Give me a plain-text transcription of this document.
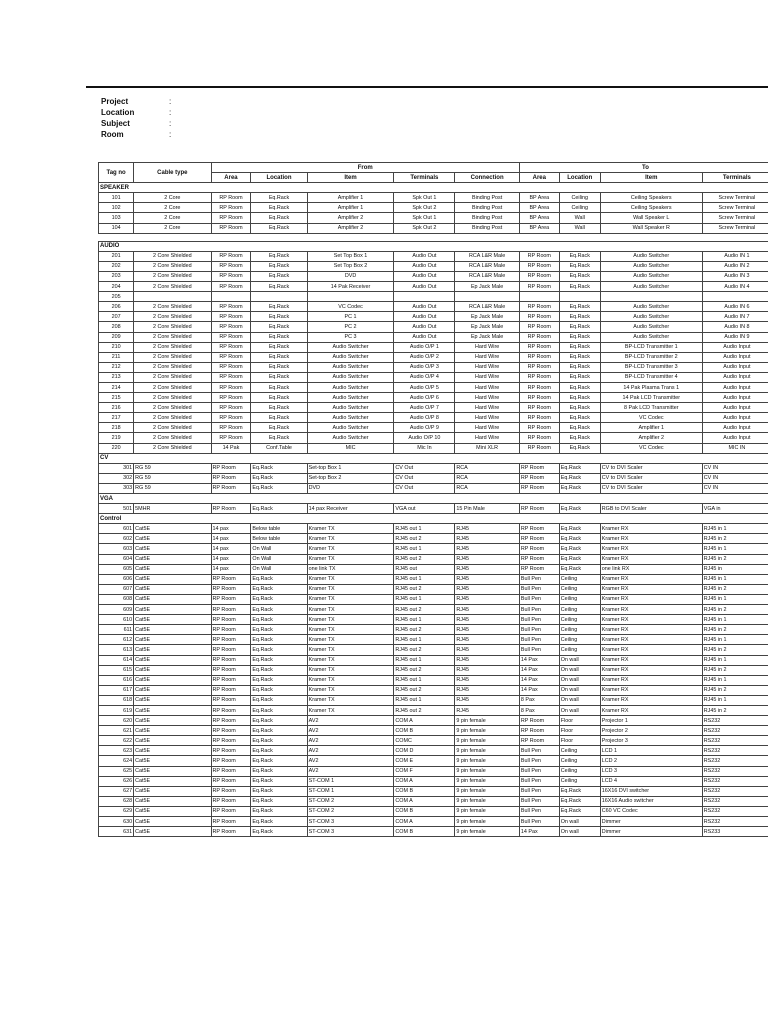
Project	:
Location	:
Subject	:
Room	:
Tag no	Cable type	From					To			
		Area	Location	Item	Terminals	Connection	Area	Location	Item	Terminals
SPEAKER										
101	2 Core	RP Room	Eq.Rack	Amplifier 1	Spk Out 1	Binding Post	BP Area	Ceiling	Ceiling Speakers	Screw Terminal
102	2 Core	RP Room	Eq.Rack	Amplifier 1	Spk Out 2	Binding Post	BP Area	Ceiling	Ceiling Speakers	Screw Terminal
103	2 Core	RP Room	Eq.Rack	Amplifier 2	Spk Out 1	Binding Post	BP Area	Wall	Wall Speaker L	Screw Terminal
104	2 Core	RP Room	Eq.Rack	Amplifier 2	Spk Out 2	Binding Post	BP Area	Wall	Wall Speaker R	Screw Terminal

AUDIO										
201	2 Core Shielded	RP Room	Eq.Rack	Set Top Box 1	Audio Out	RCA L&R Male	RP Room	Eq.Rack	Audio Switcher	Audio IN 1
202	2 Core Shielded	RP Room	Eq.Rack	Set Top Box 2	Audio Out	RCA L&R Male	RP Room	Eq.Rack	Audio Switcher	Audio IN 2
203	2 Core Shielded	RP Room	Eq.Rack	DVD	Audio Out	RCA L&R Male	RP Room	Eq.Rack	Audio Switcher	Audio IN 3
204	2 Core Shielded	RP Room	Eq.Rack	14 Pak Receiver	Audio Out	Ep Jack Male	RP Room	Eq.Rack	Audio Switcher	Audio IN 4
205										
206	2 Core Shielded	RP Room	Eq.Rack	VC Codec	Audio Out	RCA L&R Male	RP Room	Eq.Rack	Audio Switcher	Audio IN 6
207	2 Core Shielded	RP Room	Eq.Rack	PC 1	Audio Out	Ep Jack Male	RP Room	Eq.Rack	Audio Switcher	Audio IN 7
208	2 Core Shielded	RP Room	Eq.Rack	PC 2	Audio Out	Ep Jack Male	RP Room	Eq.Rack	Audio Switcher	Audio IN 8
209	2 Core Shielded	RP Room	Eq.Rack	PC 3	Audio Out	Ep Jack Male	RP Room	Eq.Rack	Audio Switcher	Audio IN 9
210	2 Core Shielded	RP Room	Eq.Rack	Audio Switcher	Audio O/P 1	Hard Wire	RP Room	Eq.Rack	BP-LCD Transmitter 1	Audio Input
211	2 Core Shielded	RP Room	Eq.Rack	Audio Switcher	Audio O/P 2	Hard Wire	RP Room	Eq.Rack	BP-LCD Transmitter 2	Audio Input
212	2 Core Shielded	RP Room	Eq.Rack	Audio Switcher	Audio O/P 3	Hard Wire	RP Room	Eq.Rack	BP-LCD Transmitter 3	Audio Input
213	2 Core Shielded	RP Room	Eq.Rack	Audio Switcher	Audio O/P 4	Hard Wire	RP Room	Eq.Rack	BP-LCD Transmitter 4	Audio Input
214	2 Core Shielded	RP Room	Eq.Rack	Audio Switcher	Audio O/P 5	Hard Wire	RP Room	Eq.Rack	14 Pak Plasma Trans 1	Audio Input
215	2 Core Shielded	RP Room	Eq.Rack	Audio Switcher	Audio O/P 6	Hard Wire	RP Room	Eq.Rack	14 Pak LCD Transmitter	Audio Input
216	2 Core Shielded	RP Room	Eq.Rack	Audio Switcher	Audio O/P 7	Hard Wire	RP Room	Eq.Rack	8 Pak LCD Transmitter	Audio Input
217	2 Core Shielded	RP Room	Eq.Rack	Audio Switcher	Audio O/P 8	Hard Wire	RP Room	Eq.Rack	VC Codec	Audio Input
218	2 Core Shielded	RP Room	Eq.Rack	Audio Switcher	Audio O/P 9	Hard Wire	RP Room	Eq.Rack	Amplifier 1	Audio Input
219	2 Core Shielded	RP Room	Eq.Rack	Audio Switcher	Audio O/P 10	Hard Wire	RP Room	Eq.Rack	Amplifier 2	Audio Input
220	2 Core Shielded	14 Pak	Conf.Table	MIC	Mic In	Mini XLR	RP Room	Eq.Rack	VC Codec	MIC IN
CV										
301	RG 59	RP Room	Eq.Rack	Set-top Box 1	CV Out	RCA	RP Room	Eq.Rack	CV to DVI Scaler	CV IN
302	RG 59	RP Room	Eq.Rack	Set-top Box 2	CV Out	RCA	RP Room	Eq.Rack	CV to DVI Scaler	CV IN
303	RG 59	RP Room	Eq.Rack	DVD	CV Out	RCA	RP Room	Eq.Rack	CV to DVI Scaler	CV IN
VGA										
501	5MHR	RP Room	Eq.Rack	14 pax Receiver	VGA out	15 Pin Male	RP Room	Eq.Rack	RGB to DVI Scaler	VGA in
Control										
601	Cat5E	14 pax	Below table	Kramer TX	RJ45 out 1	RJ45	RP Room	Eq.Rack	Kramer RX	RJ45 in 1
602	Cat5E	14 pax	Below table	Kramer TX	RJ45 out 2	RJ45	RP Room	Eq.Rack	Kramer RX	RJ45 in 2
603	Cat5E	14 pax	On Wall	Kramer TX	RJ45 out 1	RJ45	RP Room	Eq.Rack	Kramer RX	RJ45 in 1
604	Cat5E	14 pax	On Wall	Kramer TX	RJ45 out 2	RJ45	RP Room	Eq.Rack	Kramer RX	RJ45 in 2
605	Cat5E	14 pax	On Wall	one link TX	RJ45 out	RJ45	RP Room	Eq.Rack	one link RX	RJ45 in
606	Cat5E	RP Room	Eq.Rack	Kramer TX	RJ45 out 1	RJ45	Bull Pen	Ceiling	Kramer RX	RJ45 in 1
607	Cat5E	RP Room	Eq.Rack	Kramer TX	RJ45 out 2	RJ45	Bull Pen	Ceiling	Kramer RX	RJ45 in 2
608	Cat5E	RP Room	Eq.Rack	Kramer TX	RJ45 out 1	RJ45	Bull Pen	Ceiling	Kramer RX	RJ45 in 1
609	Cat5E	RP Room	Eq.Rack	Kramer TX	RJ45 out 2	RJ45	Bull Pen	Ceiling	Kramer RX	RJ45 in 2
610	Cat5E	RP Room	Eq.Rack	Kramer TX	RJ45 out 1	RJ45	Bull Pen	Ceiling	Kramer RX	RJ45 in 1
611	Cat5E	RP Room	Eq.Rack	Kramer TX	RJ45 out 2	RJ45	Bull Pen	Ceiling	Kramer RX	RJ45 in 2
612	Cat5E	RP Room	Eq.Rack	Kramer TX	RJ45 out 1	RJ45	Bull Pen	Ceiling	Kramer RX	RJ45 in 1
613	Cat5E	RP Room	Eq.Rack	Kramer TX	RJ45 out 2	RJ45	Bull Pen	Ceiling	Kramer RX	RJ45 in 2
614	Cat5E	RP Room	Eq.Rack	Kramer TX	RJ45 out 1	RJ45	14 Pax	On wall	Kramer RX	RJ45 in 1
615	Cat5E	RP Room	Eq.Rack	Kramer TX	RJ45 out 2	RJ45	14 Pax	On wall	Kramer RX	RJ45 in 2
616	Cat5E	RP Room	Eq.Rack	Kramer TX	RJ45 out 1	RJ45	14 Pax	On wall	Kramer RX	RJ45 in 1
617	Cat5E	RP Room	Eq.Rack	Kramer TX	RJ45 out 2	RJ45	14 Pax	On wall	Kramer RX	RJ45 in 2
618	Cat5E	RP Room	Eq.Rack	Kramer TX	RJ45 out 1	RJ45	8 Pax	On wall	Kramer RX	RJ45 in 1
619	Cat5E	RP Room	Eq.Rack	Kramer TX	RJ45 out 2	RJ45	8 Pax	On wall	Kramer RX	RJ45 in 2
620	Cat5E	RP Room	Eq.Rack	AV2	COM A	9 pin female	RP Room	Floor	Projector 1	RS232
621	Cat5E	RP Room	Eq.Rack	AV2	COM B	9 pin female	RP Room	Floor	Projector 2	RS232
622	Cat5E	RP Room	Eq.Rack	AV2	COMC	9 pin female	RP Room	Floor	Projector 3	RS232
623	Cat5E	RP Room	Eq.Rack	AV2	COM D	9 pin female	Bull Pen	Ceiling	LCD 1	RS232
624	Cat5E	RP Room	Eq.Rack	AV2	COM E	9 pin female	Bull Pen	Ceiling	LCD 2	RS232
625	Cat5E	RP Room	Eq.Rack	AV2	COM F	9 pin female	Bull Pen	Ceiling	LCD 3	RS232
626	Cat5E	RP Room	Eq.Rack	ST-COM 1	COM A	9 pin female	Bull Pen	Ceiling	LCD 4	RS232
627	Cat5E	RP Room	Eq.Rack	ST-COM 1	COM B	9 pin female	Bull Pen	Eq.Rack	16X16 DVI switcher	RS232
628	Cat5E	RP Room	Eq.Rack	ST-COM 2	COM A	9 pin female	Bull Pen	Eq.Rack	16X16 Audio switcher	RS232
629	Cat5E	RP Room	Eq.Rack	ST-COM 2	COM B	9 pin female	Bull Pen	Eq.Rack	C60 VC Codec	RS232
630	Cat5E	RP Room	Eq.Rack	ST-COM 3	COM A	9 pin female	Bull Pen	On wall	Dimmer	RS232
631	Cat5E	RP Room	Eq.Rack	ST-COM 3	COM B	9 pin female	14 Pax	On wall	Dimmer	RS233
